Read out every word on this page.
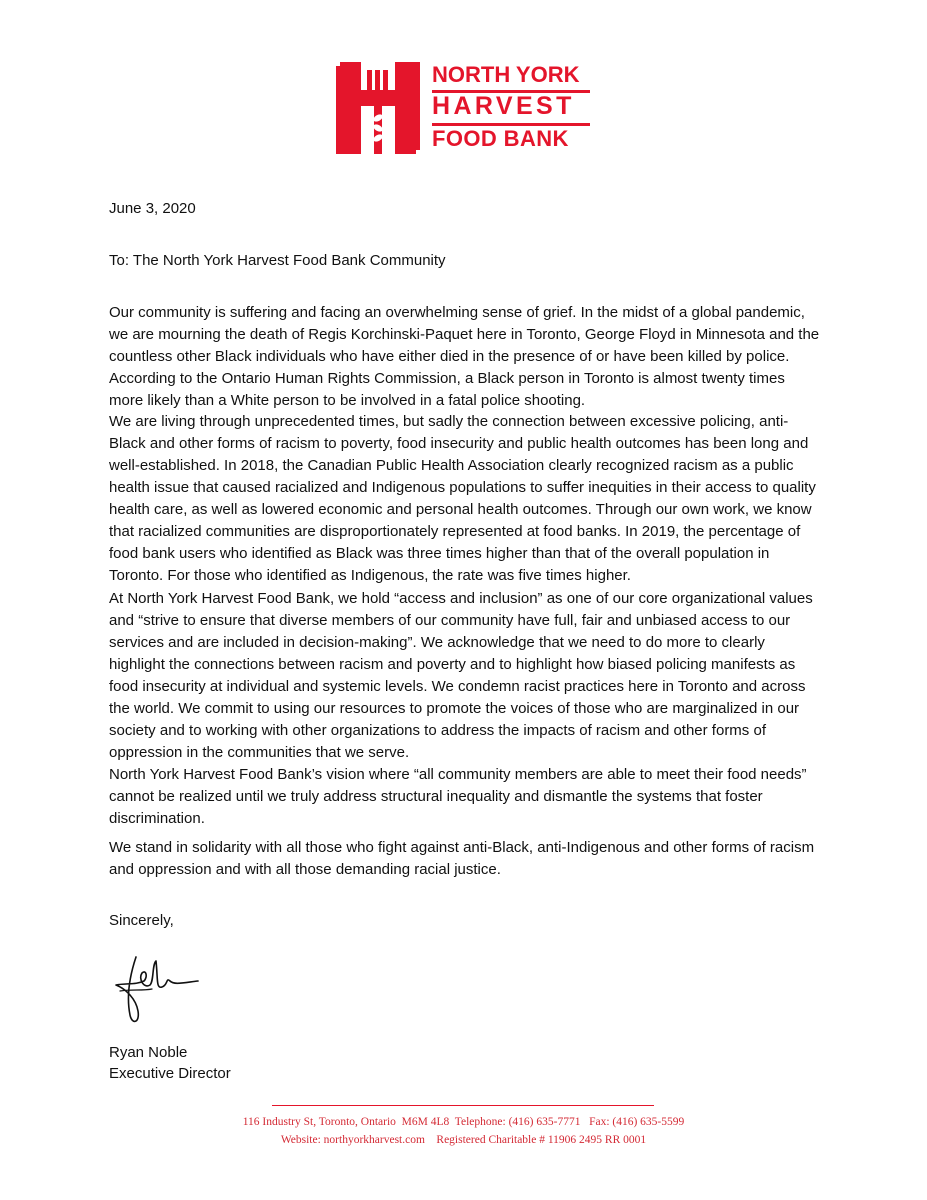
NORTH YORK
HARVEST
FOOD BANK
June 3, 2020
To: The North York Harvest Food Bank Community

Our community is suffering and facing an overwhelming sense of grief. In the midst of a global pandemic, we are mourning the death of Regis Korchinski-Paquet here in Toronto, George Floyd in Minnesota and the countless other Black individuals who have either died in the presence of or have been killed by police. According to the Ontario Human Rights Commission, a Black person in Toronto is almost twenty times more likely than a White person to be involved in a fatal police shooting.

We are living through unprecedented times, but sadly the connection between excessive policing, anti-Black and other forms of racism to poverty, food insecurity and public health outcomes has been long and well-established. In 2018, the Canadian Public Health Association clearly recognized racism as a public health issue that caused racialized and Indigenous populations to suffer inequities in their access to quality health care, as well as lowered economic and personal health outcomes. Through our own work, we know that racialized communities are disproportionately represented at food banks. In 2019, the percentage of food bank users who identified as Black was three times higher than that of the overall population in Toronto. For those who identified as Indigenous, the rate was five times higher.

At North York Harvest Food Bank, we hold “access and inclusion” as one of our core organizational values and “strive to ensure that diverse members of our community have full, fair and unbiased access to our services and are included in decision-making”. We acknowledge that we need to do more to clearly highlight the connections between racism and poverty and to highlight how biased policing manifests as food insecurity at individual and systemic levels. We condemn racist practices here in Toronto and across the world. We commit to using our resources to promote the voices of those who are marginalized in our society and to working with other organizations to address the impacts of racism and other forms of oppression in the communities that we serve.

North York Harvest Food Bank’s vision where “all community members are able to meet their food needs” cannot be realized until we truly address structural inequality and dismantle the systems that foster discrimination.

We stand in solidarity with all those who fight against anti-Black, anti-Indigenous and other forms of racism and oppression and with all those demanding racial justice.

Sincerely,
Ryan Noble
Executive Director
116 Industry St, Toronto, Ontario  M6M 4L8  Telephone: (416) 635-7771   Fax: (416) 635-5599
Website: northyorkharvest.com    Registered Charitable # 11906 2495 RR 0001
